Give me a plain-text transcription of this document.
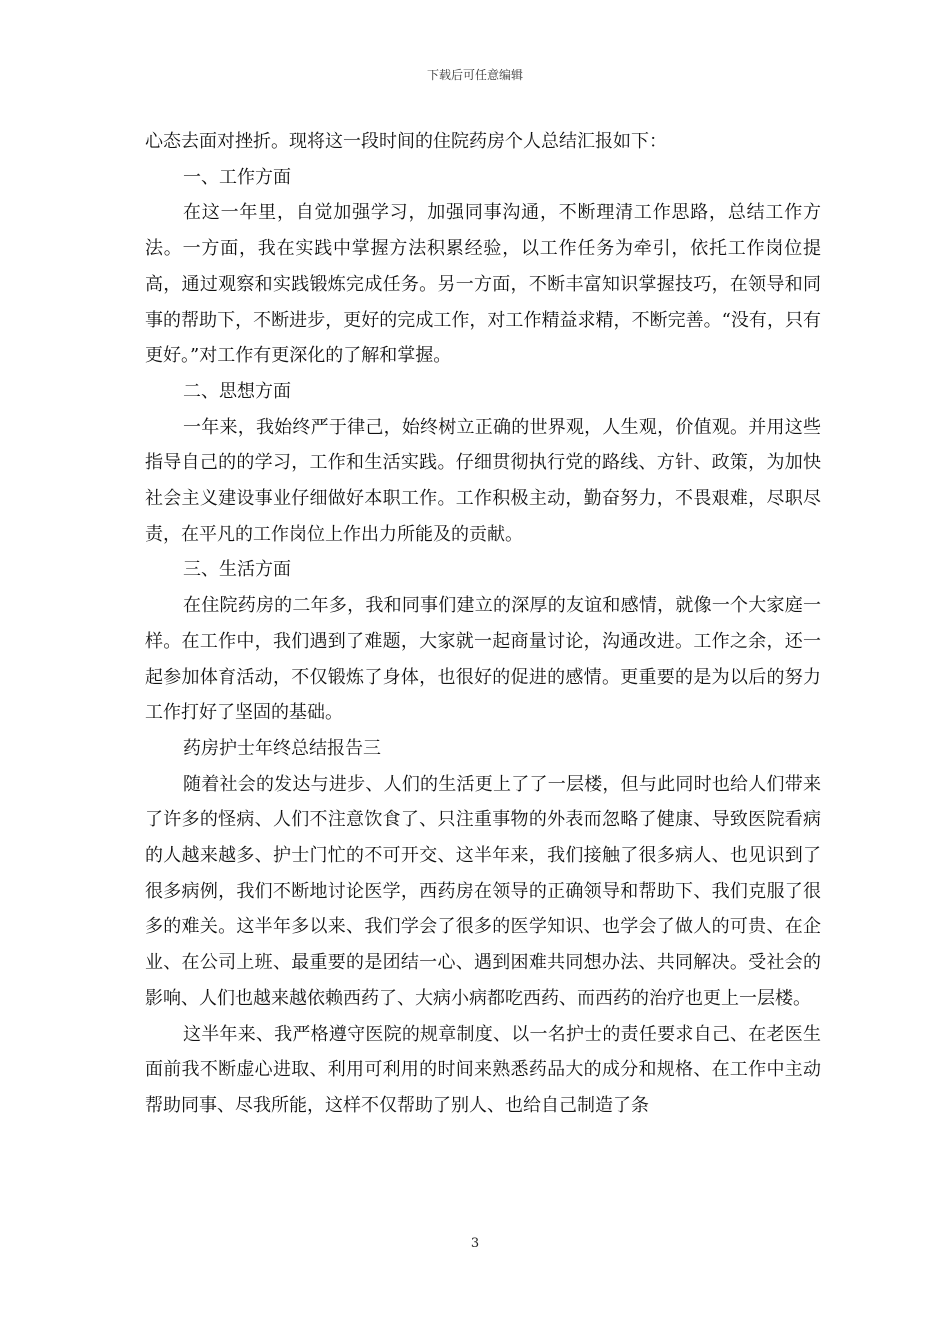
下载后可任意编辑

心态去面对挫折。现将这一段时间的住院药房个人总结汇报如下：

一、工作方面

在这一年里，自觉加强学习，加强同事沟通，不断理清工作思路，总结工作方法。一方面，我在实践中掌握方法积累经验，以工作任务为牵引，依托工作岗位提高，通过观察和实践锻炼完成任务。另一方面，不断丰富知识掌握技巧，在领导和同事的帮助下，不断进步，更好的完成工作，对工作精益求精，不断完善。“没有，只有更好。”对工作有更深化的了解和掌握。

二、思想方面

一年来，我始终严于律己，始终树立正确的世界观，人生观，价值观。并用这些指导自己的的学习，工作和生活实践。仔细贯彻执行党的路线、方针、政策，为加快社会主义建设事业仔细做好本职工作。工作积极主动，勤奋努力，不畏艰难，尽职尽责，在平凡的工作岗位上作出力所能及的贡献。

三、生活方面

在住院药房的二年多，我和同事们建立的深厚的友谊和感情，就像一个大家庭一样。在工作中，我们遇到了难题，大家就一起商量讨论，沟通改进。工作之余，还一起参加体育活动，不仅锻炼了身体，也很好的促进的感情。更重要的是为以后的努力工作打好了坚固的基础。

药房护士年终总结报告三

随着社会的发达与进步、人们的生活更上了了一层楼，但与此同时也给人们带来了许多的怪病、人们不注意饮食了、只注重事物的外表而忽略了健康、导致医院看病的人越来越多、护士门忙的不可开交、这半年来，我们接触了很多病人、也见识到了很多病例，我们不断地讨论医学，西药房在领导的正确领导和帮助下、我们克服了很多的难关。这半年多以来、我们学会了很多的医学知识、也学会了做人的可贵、在企业、在公司上班、最重要的是团结一心、遇到困难共同想办法、共同解决。受社会的影响、人们也越来越依赖西药了、大病小病都吃西药、而西药的治疗也更上一层楼。

这半年来、我严格遵守医院的规章制度、以一名护士的责任要求自己、在老医生面前我不断虚心进取、利用可利用的时间来熟悉药品大的成分和规格、在工作中主动帮助同事、尽我所能，这样不仅帮助了别人、也给自己制造了条

3
